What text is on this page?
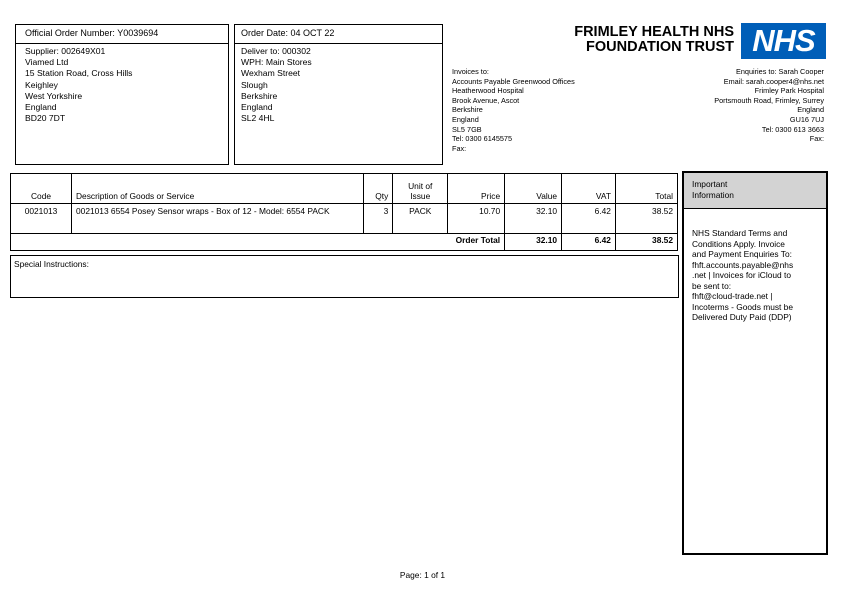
Official Order Number: Y0039694
Supplier: 002649X01
Viamed Ltd
15 Station Road, Cross Hills
Keighley
West Yorkshire
England
BD20 7DT
Order Date: 04 OCT 22
Deliver to: 000302
WPH: Main Stores
Wexham Street
Slough
Berkshire
England
SL2 4HL
FRIMLEY HEALTH NHS
FOUNDATION TRUST NHS
Invoices to:
Accounts Payable Greenwood Offices
Heatherwood Hospital
Brook Avenue, Ascot
Berkshire
England
SL5 7GB
Tel: 0300 6145575
Fax:
Enquiries to: Sarah Cooper
Email: sarah.cooper4@nhs.net
Frimley Park Hospital
Portsmouth Road, Frimley, Surrey
England
GU16 7UJ
Tel: 0300 613 3663
Fax:
Code	Description of Goods or Service	Qty	Unit of Issue	Price	Value	VAT	Total
0021013	0021013 6554 Posey Sensor wraps - Box of 12 - Model: 6554 PACK	3	PACK	10.70	32.10	6.42	38.52
Order Total					32.10	6.42	38.52
Special Instructions:
Important
Information
NHS Standard Terms and
Conditions Apply. Invoice
and Payment Enquiries To:
fhft.accounts.payable@nhs
.net | Invoices for iCloud to
be sent to:
fhft@cloud-trade.net |
Incoterms - Goods must be
Delivered Duty Paid (DDP)
Page: 1 of 1
